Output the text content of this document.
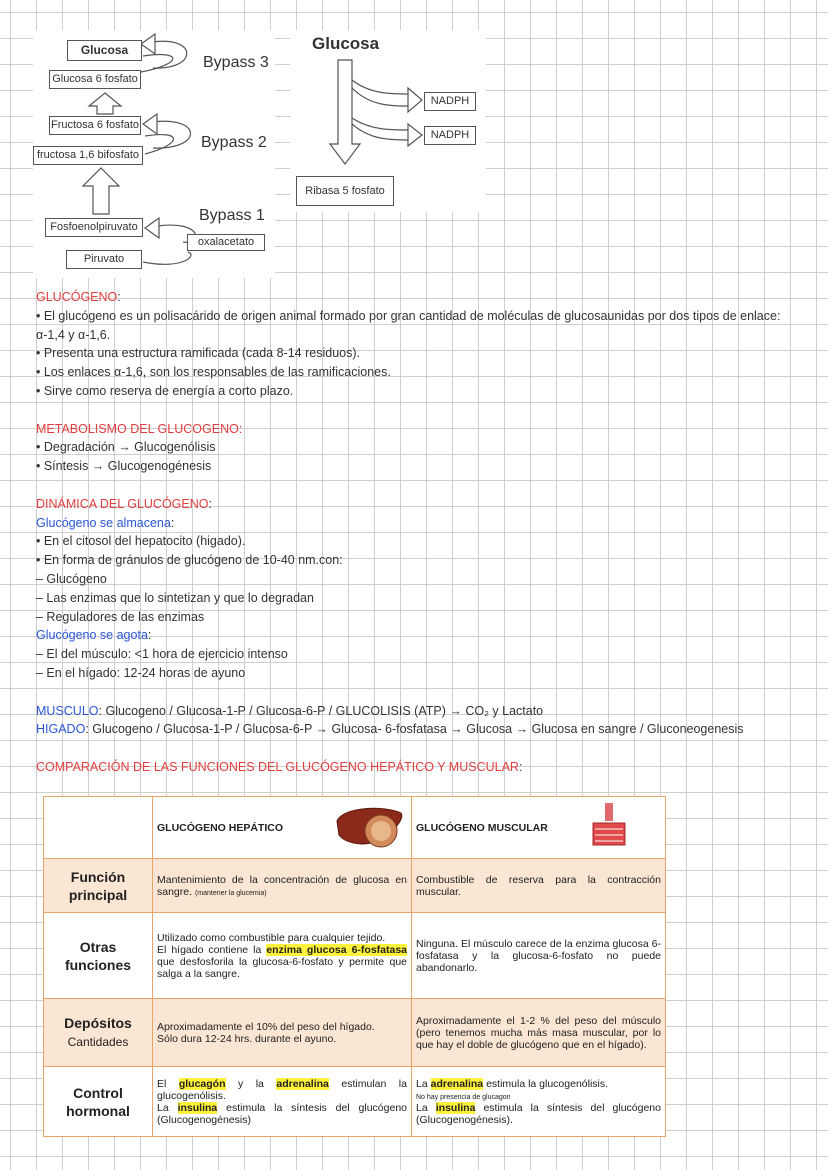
Glucosa
Glucosa 6 fosfato
Fructosa 6 fosfato
fructosa 1,6 bifosfato
Fosfoenolpiruvato
oxalacetato
Piruvato
Bypass 3
Bypass 2
Bypass 1
Glucosa
NADPH
NADPH
Ribasa 5 fosfato

GLUCÓGENO:

• El glucógeno es un polisacárido de origen animal formado por gran cantidad de moléculas de glucosaunidas por dos tipos de enlace: α-1,4 y α-1,6.

• Presenta una estructura ramificada (cada 8-14 residuos).

• Los enlaces α-1,6, son los responsables de las ramificaciones.

• Sirve como reserva de energía a corto plazo.

METABOLISMO DEL GLUCOGENO:

• Degradación → Glucogenólisis

• Síntesis → Glucogenogénesis

DINÁMICA DEL GLUCÓGENO:

Glucógeno se almacena:

• En el citosol del hepatocito (higado).

• En forma de gránulos de glucógeno de 10-40 nm.con:

– Glucógeno

– Las enzimas que lo sintetizan y que lo degradan

– Reguladores de las enzimas

Glucógeno se agota:

– El del músculo: <1 hora de ejercicio intenso

– En el hígado: 12-24 horas de ayuno

MUSCULO: Glucogeno / Glucosa-1-P / Glucosa-6-P / GLUCOLISIS (ATP) → CO₂ y Lactato

HIGADO: Glucogeno / Glucosa-1-P / Glucosa-6-P → Glucosa- 6-fosfatasa → Glucosa → Glucosa en sangre / Gluconeogenesis

COMPARACIÓN DE LAS FUNCIONES DEL GLUCÓGENO HEPÁTICO Y MUSCULAR:

	GLUCÓGENO HEPÁTICO	GLUCÓGENO MUSCULAR

Función
principal	Mantenimiento de la concentración de glucosa en sangre. (mantener la glucemia)	Combustible de reserva para la contracción muscular.
Otras
funciones	Utilizado como combustible para cualquier tejido.
El hígado contiene la enzima glucosa 6-fosfatasa que desfosforila la glucosa-6-fosfato y permite que salga a la sangre.	Ninguna. El músculo carece de la enzima glucosa 6-fosfatasa y la glucosa-6-fosfato no puede abandonarlo.
Depósitos
Cantidades	Aproximadamente el 10% del peso del hígado.
Sólo dura 12-24 hrs. durante el ayuno.	Aproximadamente el 1-2 % del peso del músculo (pero tenemos mucha más masa muscular, por lo que hay el doble de glucógeno que en el hígado).
Control
hormonal	El glucagón y la adrenalina estimulan la glucogenólisis.
La insulina estimula la síntesis del glucógeno (Glucogenogénesis)	La adrenalina estimula la glucogenólisis.
No hay presencia de glucagon
La insulina estimula la síntesis del glucógeno (Glucogenogénesis).
